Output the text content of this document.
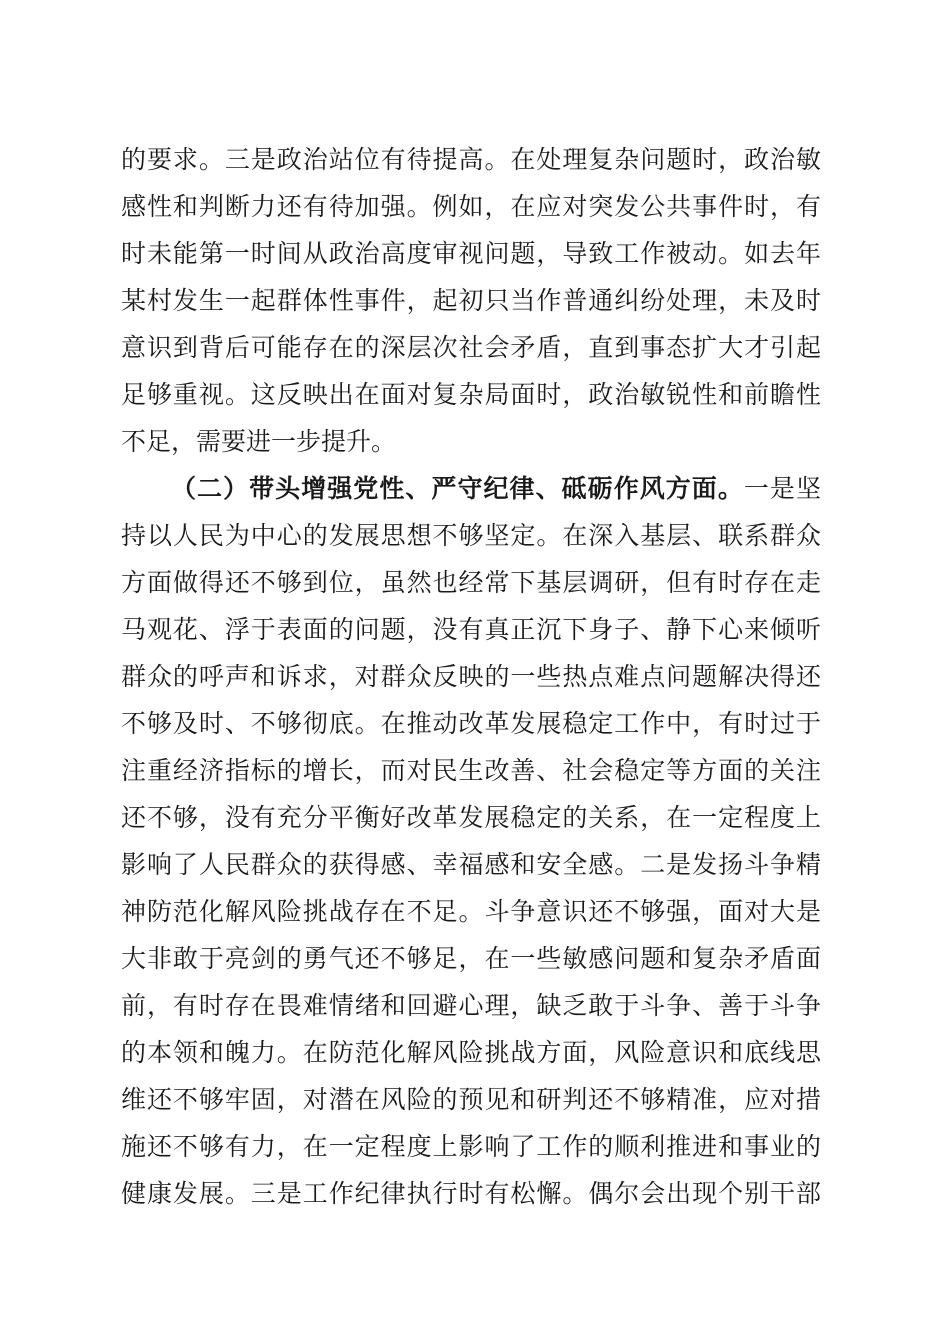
的要求。三是政治站位有待提高。在处理复杂问题时，政治敏
感性和判断力还有待加强。例如，在应对突发公共事件时，有
时未能第一时间从政治高度审视问题，导致工作被动。如去年
某村发生一起群体性事件，起初只当作普通纠纷处理，未及时
意识到背后可能存在的深层次社会矛盾，直到事态扩大才引起
足够重视。这反映出在面对复杂局面时，政治敏锐性和前瞻性
不足，需要进一步提升。
（二）带头增强党性、严守纪律、砥砺作风方面。一是坚
持以人民为中心的发展思想不够坚定。在深入基层、联系群众
方面做得还不够到位，虽然也经常下基层调研，但有时存在走
马观花、浮于表面的问题，没有真正沉下身子、静下心来倾听
群众的呼声和诉求，对群众反映的一些热点难点问题解决得还
不够及时、不够彻底。在推动改革发展稳定工作中，有时过于
注重经济指标的增长，而对民生改善、社会稳定等方面的关注
还不够，没有充分平衡好改革发展稳定的关系，在一定程度上
影响了人民群众的获得感、幸福感和安全感。二是发扬斗争精
神防范化解风险挑战存在不足。斗争意识还不够强，面对大是
大非敢于亮剑的勇气还不够足，在一些敏感问题和复杂矛盾面
前，有时存在畏难情绪和回避心理，缺乏敢于斗争、善于斗争
的本领和魄力。在防范化解风险挑战方面，风险意识和底线思
维还不够牢固，对潜在风险的预见和研判还不够精准，应对措
施还不够有力，在一定程度上影响了工作的顺利推进和事业的
健康发展。三是工作纪律执行时有松懈。偶尔会出现个别干部
